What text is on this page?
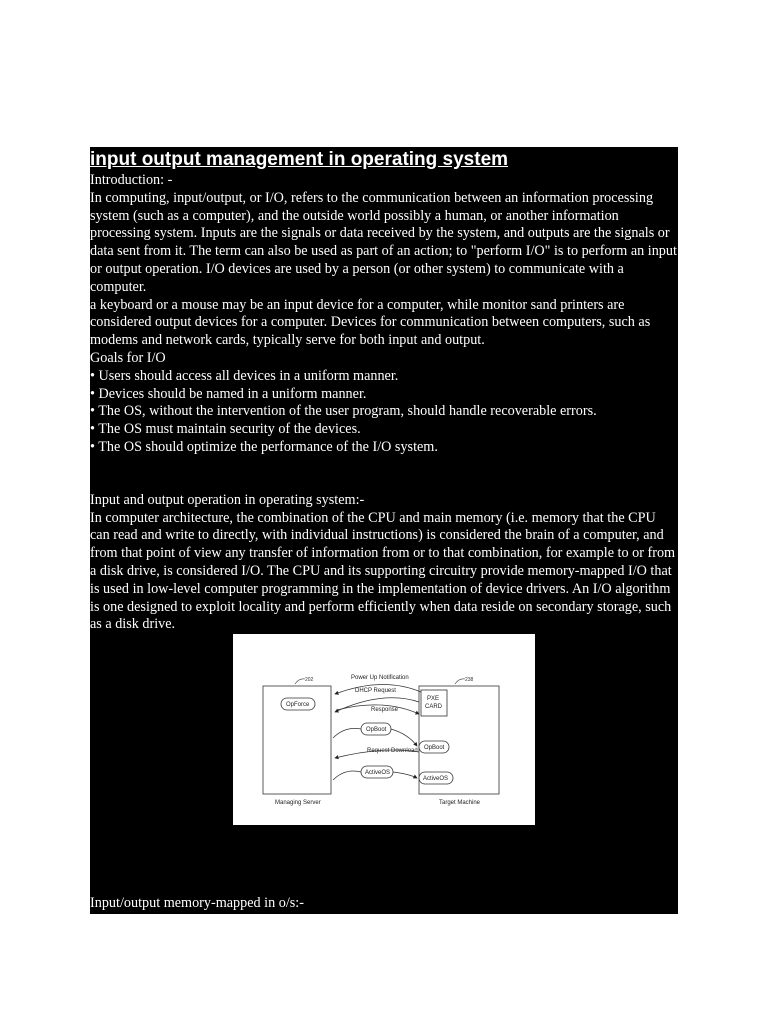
input output management in operating system

Introduction: -

In computing, input/output, or I/O, refers to the communication between an information processing system (such as a computer), and the outside world possibly a human, or another information processing system. Inputs are the signals or data received by the system, and outputs are the signals or data sent from it. The term can also be used as part of an action; to "perform I/O" is to perform an input or output operation. I/O devices are used by a person (or other system) to communicate with a computer.

a keyboard or a mouse may be an input device for a computer, while monitor sand printers are considered output devices for a computer. Devices for communication between computers, such as modems and network cards, typically serve for both input and output.

Goals for I/O

• Users should access all devices in a uniform manner.

• Devices should be named in a uniform manner.

• The OS, without the intervention of the user program, should handle recoverable errors.

• The OS must maintain security of the devices.

• The OS should optimize the performance of the I/O system.

Input and output operation in operating system:-

In computer architecture, the combination of the CPU and main memory (i.e. memory that the CPU can read and write to directly, with individual instructions) is considered the brain of a computer, and from that point of view any transfer of information from or to that combination, for example to or from a disk drive, is considered I/O. The CPU and its supporting circuitry provide memory-mapped I/O that is used in low-level computer programming in the implementation of device drivers. An I/O algorithm is one designed to exploit locality and perform efficiently when data reside on secondary storage, such as a disk drive.

PXE
CARD
202	238
OpForce
Power Up Notification
DHCP Request
Response
OpBoot
OpBoot
Request Download
ActiveOS
ActiveOS
Managing Server	Target Machine
Input/output memory-mapped in o/s:-
